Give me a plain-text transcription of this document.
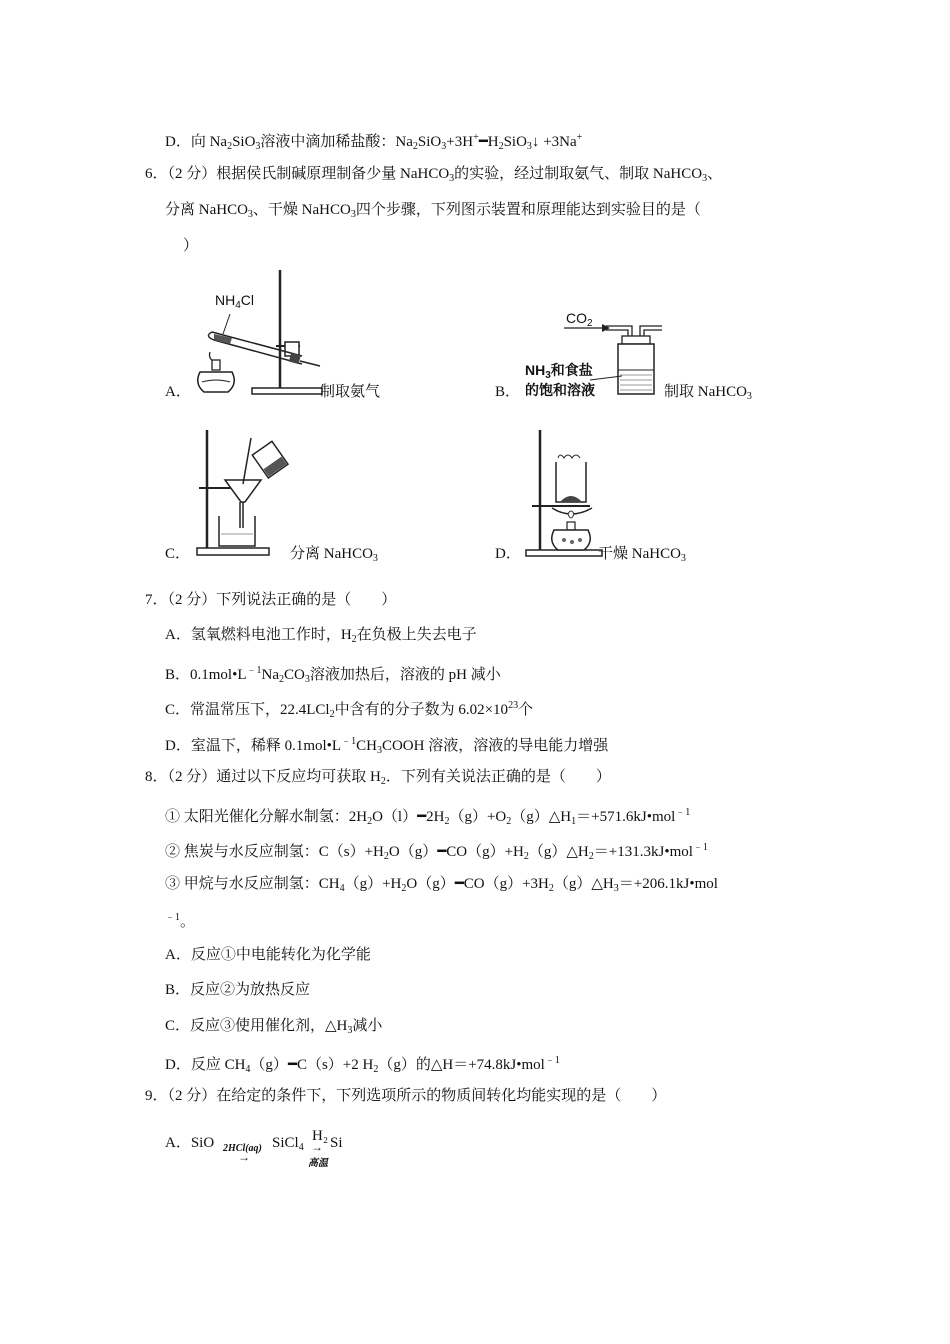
D．向 $Na_2SiO_3$溶液中滴加稀盐酸：$Na_2SiO_3+3H^+━H_2SiO_3↓ +3Na^+$
6．（2 分）根据侯氏制碱原理制备少量 NaHCO$_3$的实验，经过制取氨气、制取 NaHCO$_3$、
分离 NaHCO$_3$、干燥 NaHCO$_3$四个步骤，下列图示装置和原理能达到实验目的是（
）
A．
$NH_4Cl$
制取氨气	B．
$CO_2$
$NH_3$和食盐
的饱和溶液	制取 NaHCO$_3$
C．	分离 NaHCO$_3$	D．	干燥 NaHCO$_3$
7．（2 分）下列说法正确的是（　　）
A．氢氧燃料电池工作时，$H_2$在负极上失去电子
B．$0.1mol•L^{﹣1}Na_2CO_3$溶液加热后，溶液的 pH 减小
C．常温常压下，22.4LCl$_2$中含有的分子数为 $6.02\times 10^{23}$个
D．室温下，稀释 $0.1mol•L^{﹣1}CH_3COOH$ 溶液，溶液的导电能力增强
8．（2 分）通过以下反应均可获取 $H_2$．下列有关说法正确的是（　　）
① 太阳光催化分解水制氢：$2H_2O(l)━2H_2(g)+O_2(g)\triangle H_1=+571.6kJ•mol^{﹣1}$
② 焦炭与水反应制氢：$C(s)+H_2O(g)━CO(g)+H_2(g)\triangle H_2=+131.3kJ•mol^{﹣1}$
③ 甲烷与水反应制氢：$CH_4(g)+H_2O(g)━CO(g)+3H_2(g)\triangle H_3=+206.1kJ•mol$
$^{﹣1}$。
A．反应①中电能转化为化学能
B．反应②为放热反应
C．反应③使用催化剂，$\triangle H_3$减小
D．反应 $CH_4(g)━C(s)+2$ $H_2(g)$的△H＝+74.8kJ•mol$^{﹣1}$
9．（2 分）在给定的条件下，下列选项所示的物质间转化均能实现的是（　　）
A．SiO 2HCl(aq)
→
SiCl$_4$
H₂
→
高温
Si
